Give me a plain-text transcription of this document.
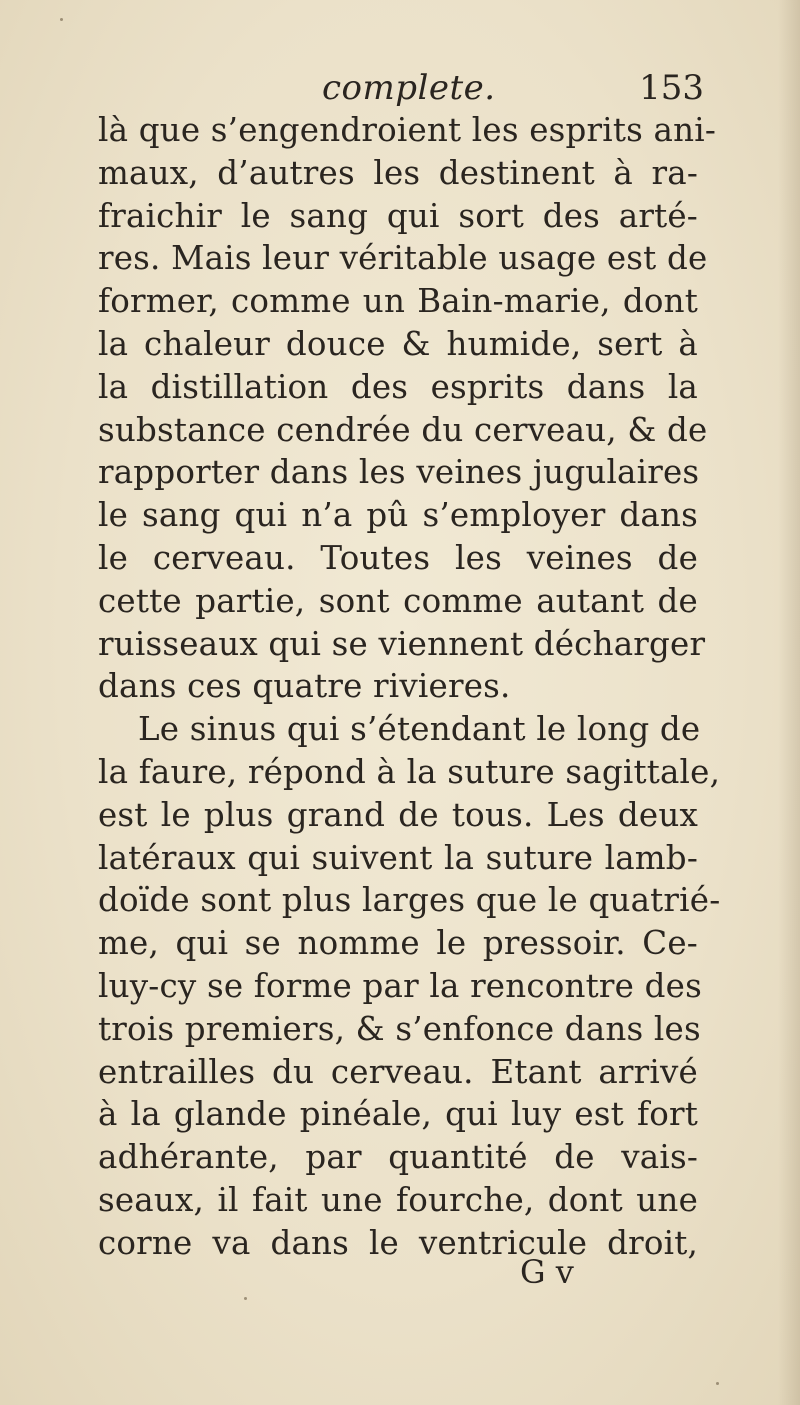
complete.	153
là que s’engendroient les esprits ani-
maux, d’autres les destinent à ra-
fraichir le sang qui sort des arté-
res. Mais leur véritable usage est de
former, comme un Bain-marie, dont
la chaleur douce & humide, sert à
la distillation des esprits dans la
substance cendrée du cerveau, & de
rapporter dans les veines jugulaires
le sang qui n’a pû s’employer dans
le cerveau. Toutes les veines de
cette partie, sont comme autant de
ruisseaux qui se viennent décharger
dans ces quatre rivieres.
Le sinus qui s’étendant le long de
la faure, répond à la suture sagittale,
est le plus grand de tous. Les deux
latéraux qui suivent la suture lamb-
doïde sont plus larges que le quatrié-
me, qui se nomme le pressoir. Ce-
luy-cy se forme par la rencontre des
trois premiers, & s’enfonce dans les
entrailles du cerveau. Etant arrivé
à la glande pinéale, qui luy est fort
adhérante, par quantité de vais-
seaux, il fait une fourche, dont une
corne va dans le ventricule droit,
G v
